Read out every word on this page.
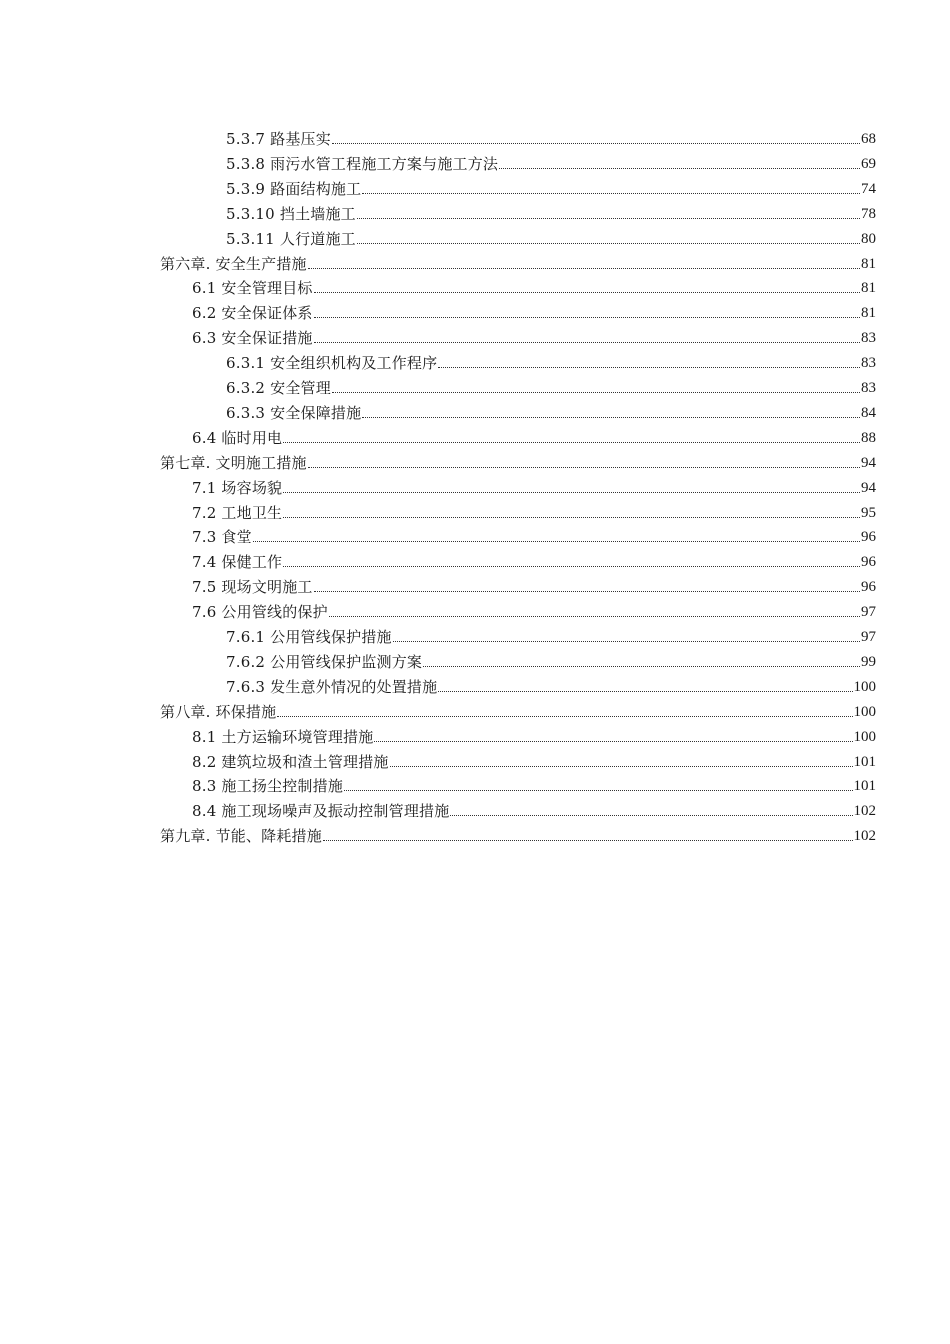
5.3.7 路基压实	68
5.3.8 雨污水管工程施工方案与施工方法	69
5.3.9 路面结构施工	74
5.3.10 挡土墙施工	78
5.3.11 人行道施工	80
第六章. 安全生产措施	81
6.1 安全管理目标	81
6.2 安全保证体系	81
6.3 安全保证措施	83
6.3.1 安全组织机构及工作程序	83
6.3.2 安全管理	83
6.3.3 安全保障措施	84
6.4 临时用电	88
第七章. 文明施工措施	94
7.1 场容场貌	94
7.2 工地卫生	95
7.3 食堂	96
7.4 保健工作	96
7.5 现场文明施工	96
7.6 公用管线的保护	97
7.6.1 公用管线保护措施	97
7.6.2 公用管线保护监测方案	99
7.6.3 发生意外情况的处置措施	100
第八章. 环保措施	100
8.1 土方运输环境管理措施	100
8.2 建筑垃圾和渣土管理措施	101
8.3 施工扬尘控制措施	101
8.4 施工现场噪声及振动控制管理措施	102
第九章. 节能、降耗措施	102
